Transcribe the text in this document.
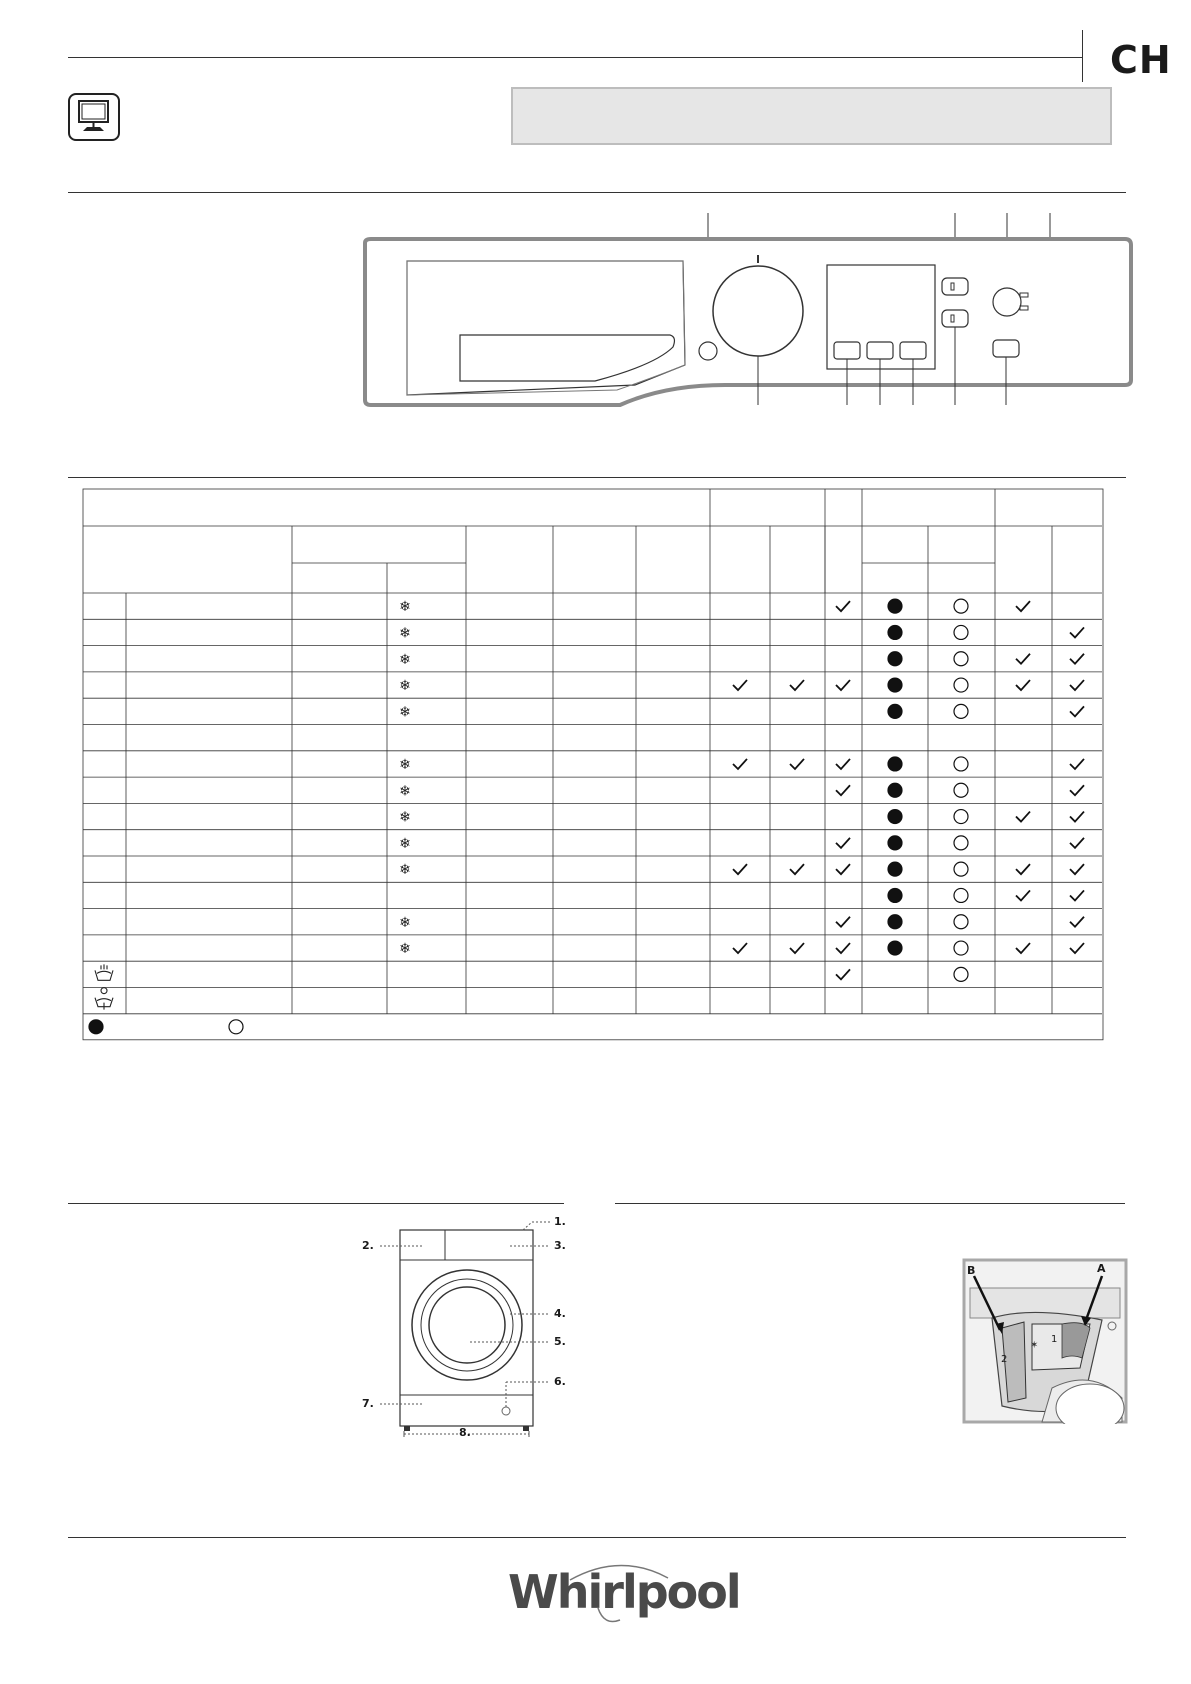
CH
❄
❄
❄
❄
❄
❄
❄
❄
❄
❄
❄
❄
1.
2.	3.
4.
5.
6.
7.
8.
✶
B	A
1
2
Whirlpool
